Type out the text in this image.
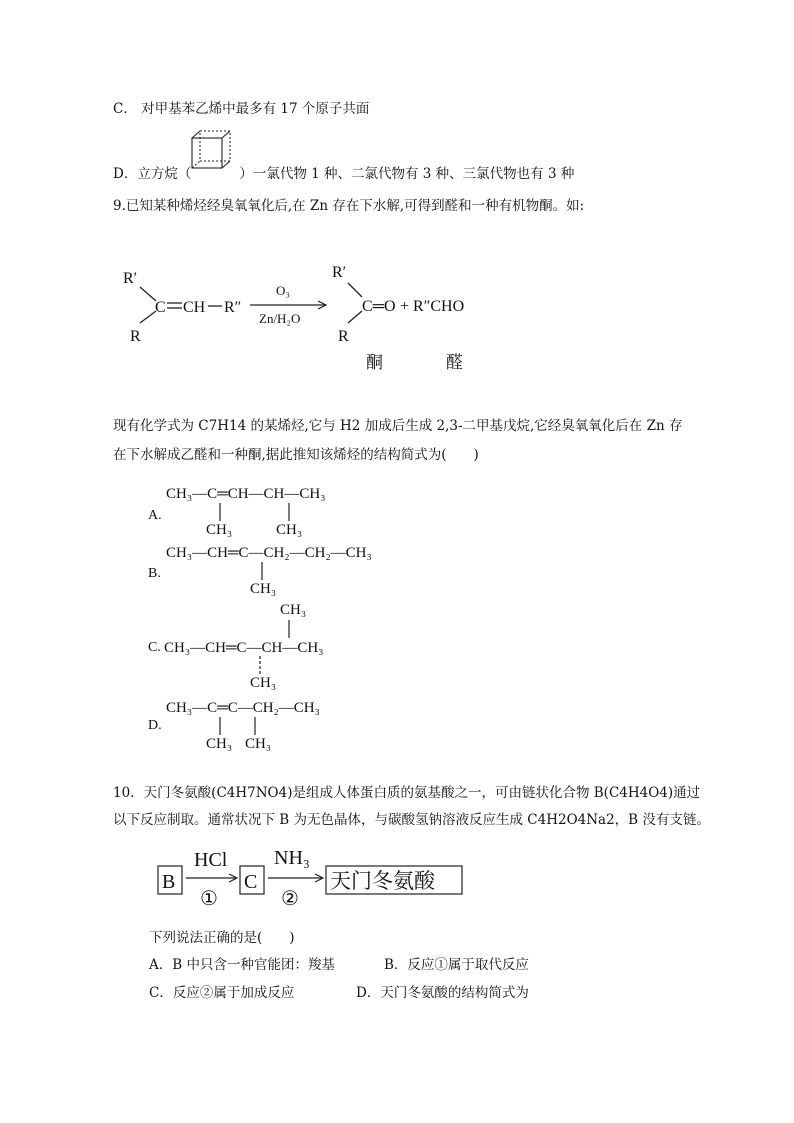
C． 对甲基苯乙烯中最多有 17 个原子共面
D．立方烷（	）一氯代物 1 种、二氯代物有 3 种、三氯代物也有 3 种
9.已知某种烯烃经臭氧氧化后,在 Zn 存在下水解,可得到醛和一种有机物酮。如:
R′
R
C CH R″
O₃
Zn/H₂O
R′
R
C═O + R″CHO
酮	醛
现有化学式为 C7H14 的某烯烃,它与 H2 加成后生成 2,3-二甲基戊烷,它经臭氧氧化后在 Zn 存
在下水解成乙醛和一种酮,据此推知该烯烃的结构简式为(　　)
A.
CH₃—C═CH—CH—CH₃
CH₃	CH₃
B.
CH₃—CH═C—CH₂—CH₂—CH₃
CH₃
CH₃
C. CH₃—CH═C—CH—CH₃
CH₃
D.
CH₃—C═C—CH₂—CH₃
CH₃ CH₃
10．天门冬氨酸(C4H7NO4)是组成人体蛋白质的氨基酸之一，可由链状化合物 B(C4H4O4)通过
以下反应制取。通常状况下 B 为无色晶体，与碳酸氢钠溶液反应生成 C4H2O4Na2，B 没有支链。
B
HCl
①
C
NH₃
②
天门冬氨酸
下列说法正确的是(　　)
A．B 中只含一种官能团：羧基	B．反应①属于取代反应
C．反应②属于加成反应	D．天门冬氨酸的结构简式为
